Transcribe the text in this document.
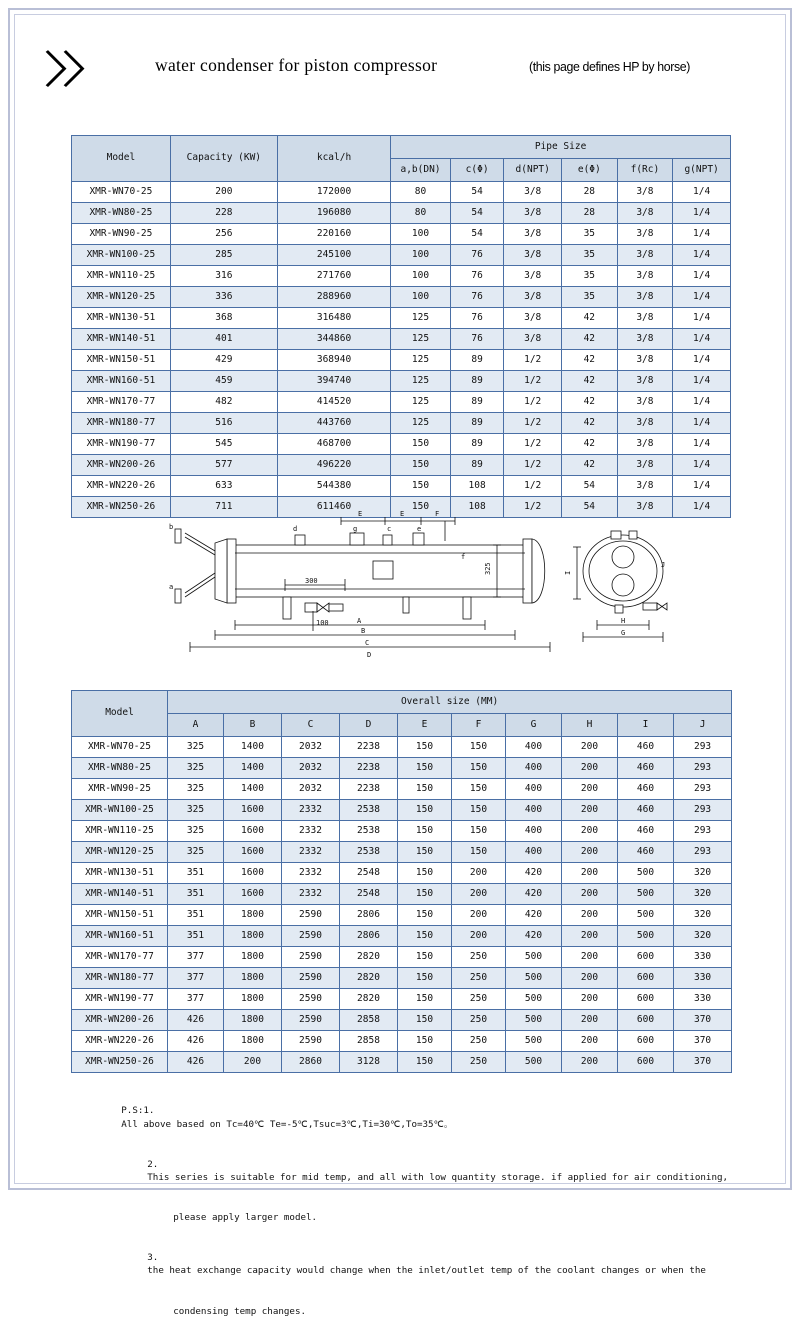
〉〉	water condenser for piston compressor	(this page defines HP by horse)
Model	Capacity (KW)	kcal/h	Pipe Size					
			a,b(DN)	c(Φ)	d(NPT)	e(Φ)	f(Rc)	g(NPT)
XMR-WN70-25	200	172000	80	54	3/8	28	3/8	1/4
XMR-WN80-25	228	196080	80	54	3/8	28	3/8	1/4
XMR-WN90-25	256	220160	100	54	3/8	35	3/8	1/4
XMR-WN100-25	285	245100	100	76	3/8	35	3/8	1/4
XMR-WN110-25	316	271760	100	76	3/8	35	3/8	1/4
XMR-WN120-25	336	288960	100	76	3/8	35	3/8	1/4
XMR-WN130-51	368	316480	125	76	3/8	42	3/8	1/4
XMR-WN140-51	401	344860	125	76	3/8	42	3/8	1/4
XMR-WN150-51	429	368940	125	89	1/2	42	3/8	1/4
XMR-WN160-51	459	394740	125	89	1/2	42	3/8	1/4
XMR-WN170-77	482	414520	125	89	1/2	42	3/8	1/4
XMR-WN180-77	516	443760	125	89	1/2	42	3/8	1/4
XMR-WN190-77	545	468700	150	89	1/2	42	3/8	1/4
XMR-WN200-26	577	496220	150	89	1/2	42	3/8	1/4
XMR-WN220-26	633	544380	150	108	1/2	54	3/8	1/4
XMR-WN250-26	711	611460	150	108	1/2	54	3/8	1/4
300
100
325
E	E	F
A
B
C
D
I
H
G
b
a
d	g	c	e
f
J
Model	Overall size (MM)									
	A	B	C	D	E	F	G	H	I	J
XMR-WN70-25	325	1400	2032	2238	150	150	400	200	460	293
XMR-WN80-25	325	1400	2032	2238	150	150	400	200	460	293
XMR-WN90-25	325	1400	2032	2238	150	150	400	200	460	293
XMR-WN100-25	325	1600	2332	2538	150	150	400	200	460	293
XMR-WN110-25	325	1600	2332	2538	150	150	400	200	460	293
XMR-WN120-25	325	1600	2332	2538	150	150	400	200	460	293
XMR-WN130-51	351	1600	2332	2548	150	200	420	200	500	320
XMR-WN140-51	351	1600	2332	2548	150	200	420	200	500	320
XMR-WN150-51	351	1800	2590	2806	150	200	420	200	500	320
XMR-WN160-51	351	1800	2590	2806	150	200	420	200	500	320
XMR-WN170-77	377	1800	2590	2820	150	250	500	200	600	330
XMR-WN180-77	377	1800	2590	2820	150	250	500	200	600	330
XMR-WN190-77	377	1800	2590	2820	150	250	500	200	600	330
XMR-WN200-26	426	1800	2590	2858	150	250	500	200	600	370
XMR-WN220-26	426	1800	2590	2858	150	250	500	200	600	370
XMR-WN250-26	426	200	2860	3128	150	250	500	200	600	370

P.S:1.
All above based on Tc=40℃ Te=-5℃,Tsuc=3℃,Ti=30℃,To=35℃。

2.
This series is suitable for mid temp, and all with low quantity storage. if applied for air conditioning,

please apply larger model.

3.
the heat exchange capacity would change when the inlet/outlet temp of the coolant changes or when the

condensing temp changes.
